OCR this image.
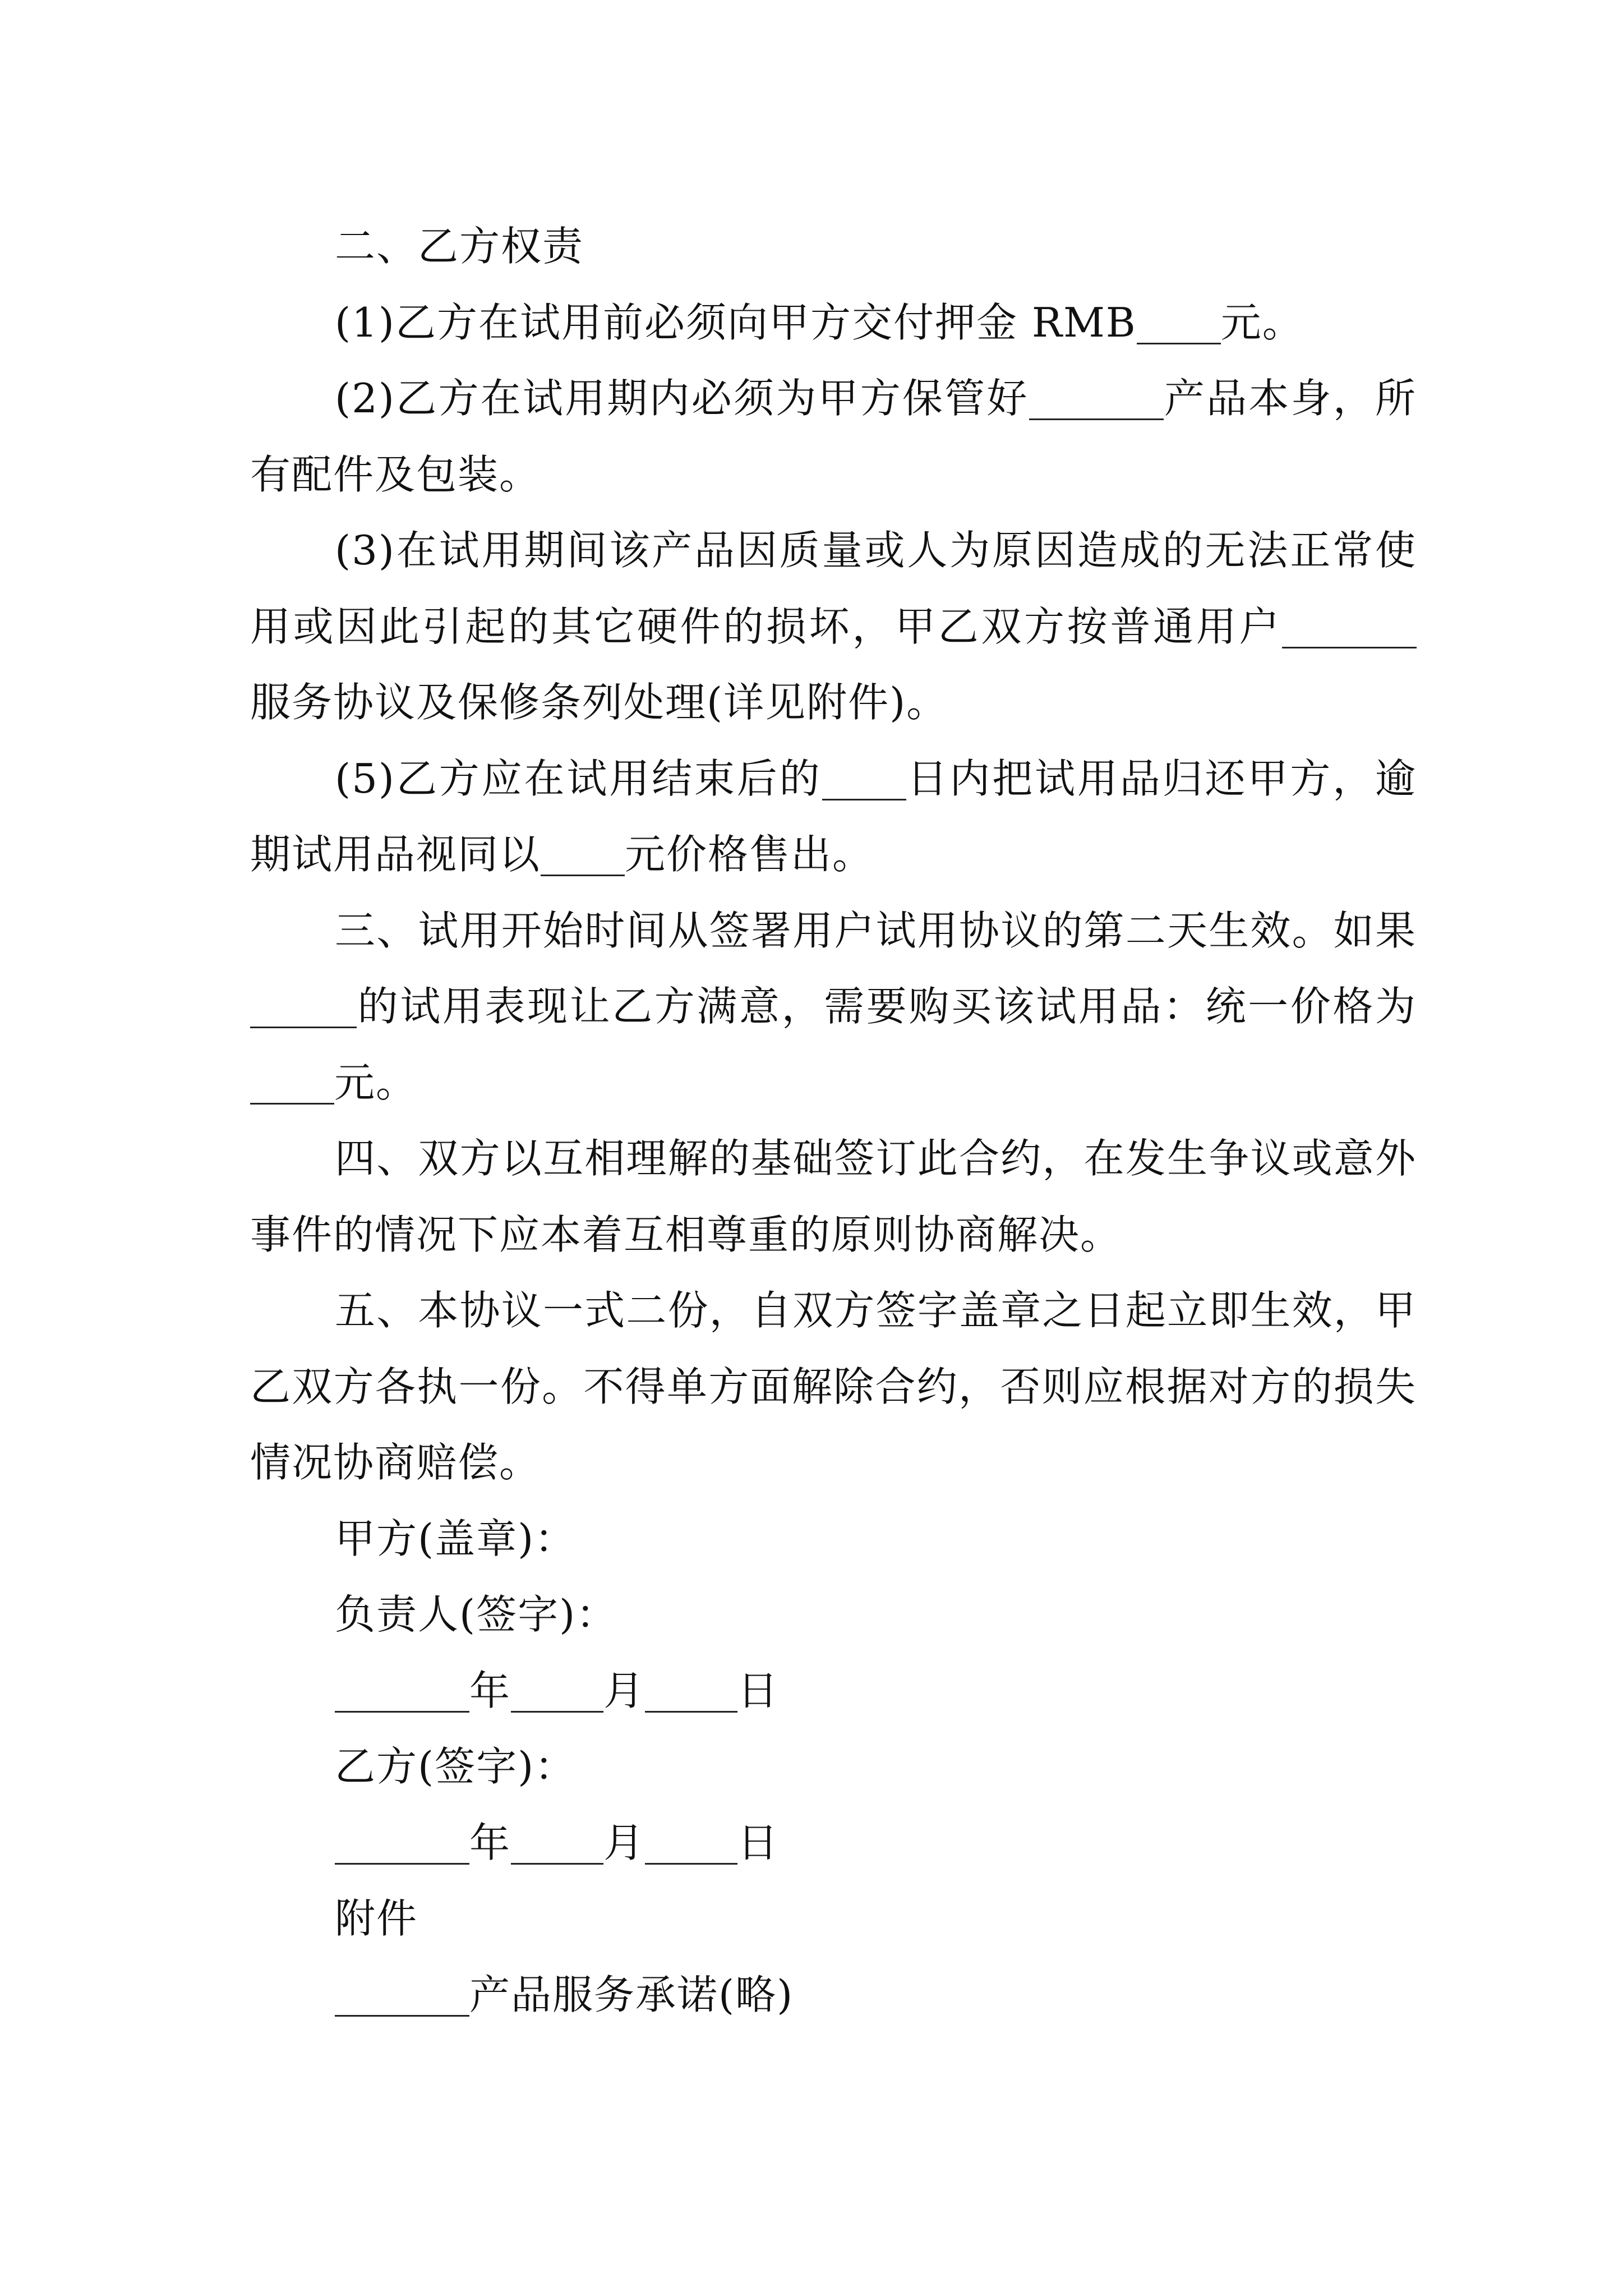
二、乙方权责

(1)乙方在试用前必须向甲方交付押金 RMB 元。

(2)乙方在试用期内必须为甲方保管好	产品本身，所有配件及包装。

(3)在试用期间该产品因质量或人为原因造成的无法正常使用或因此引起的其它硬件的损坏，甲乙双方按普通用户服务协议及保修条列处理(详见附件)。

(5)乙方应在试用结束后的 日内把试用品归还甲方，逾期试用品视同以 元价格售出。

三、试用开始时间从签署用户试用协议的第二天生效。如果的试用表现让乙方满意，需要购买该试用品：统一价格为元。

四、双方以互相理解的基础签订此合约，在发生争议或意外事件的情况下应本着互相尊重的原则协商解决。

五、本协议一式二份，自双方签字盖章之日起立即生效，甲乙双方各执一份。不得单方面解除合约，否则应根据对方的损失情况协商赔偿。

甲方(盖章)：

负责人(签字)：

年 月 日

乙方(签字)：

年 月 日

附件

产品服务承诺(略)
